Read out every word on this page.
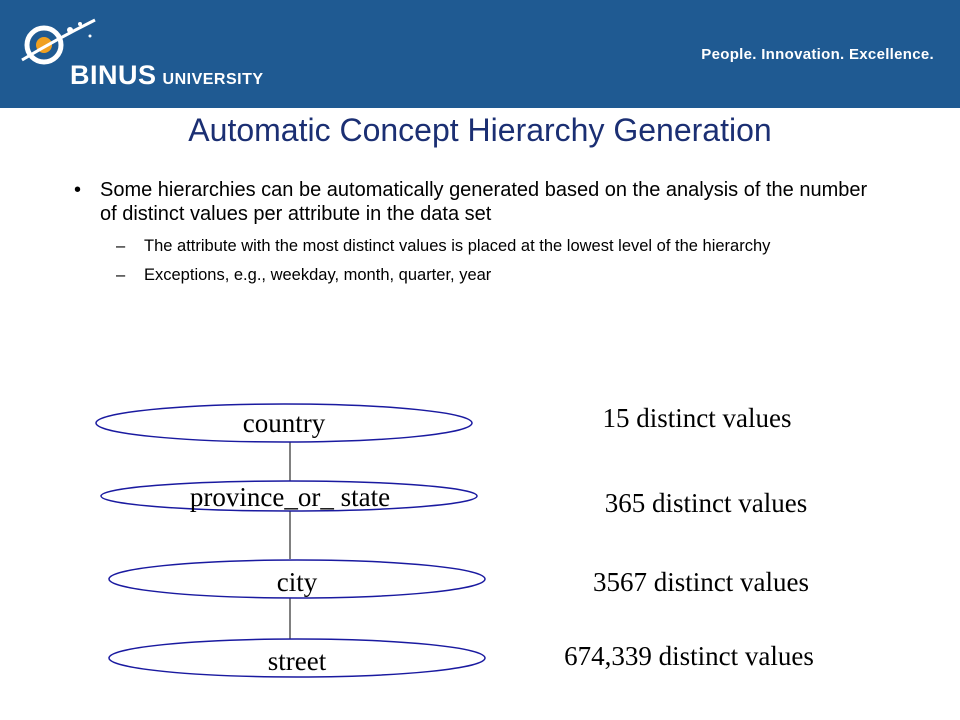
BINUS UNIVERSITY
People. Innovation. Excellence.
Automatic Concept Hierarchy Generation
• Some hierarchies can be automatically generated based on the analysis of the number of distinct values per attribute in the data set
– The attribute with the most distinct values is placed at the lowest level of the hierarchy
– Exceptions, e.g., weekday, month, quarter, year
country
province_or_ state
city
street
15 distinct values
365 distinct values
3567 distinct values
674,339 distinct values
